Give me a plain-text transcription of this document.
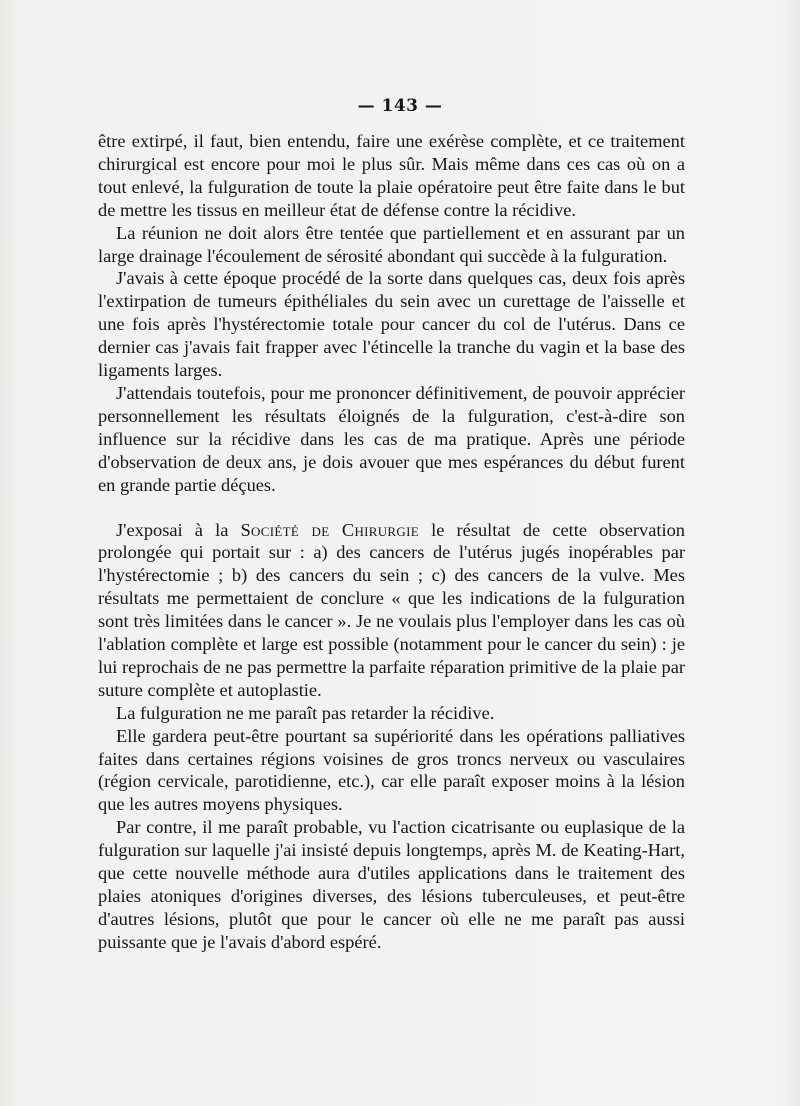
— 143 —

être extirpé, il faut, bien entendu, faire une exérèse complète, et ce traitement chirurgical est encore pour moi le plus sûr. Mais même dans ces cas où on a tout enlevé, la fulguration de toute la plaie opératoire peut être faite dans le but de mettre les tissus en meilleur état de défense contre la récidive.

La réunion ne doit alors être tentée que partiellement et en assurant par un large drainage l'écoulement de sérosité abondant qui succède à la fulguration.

J'avais à cette époque procédé de la sorte dans quelques cas, deux fois après l'extirpation de tumeurs épithéliales du sein avec un curettage de l'aisselle et une fois après l'hystérectomie totale pour cancer du col de l'utérus. Dans ce dernier cas j'avais fait frapper avec l'étincelle la tranche du vagin et la base des ligaments larges.

J'attendais toutefois, pour me prononcer définitivement, de pouvoir apprécier personnellement les résultats éloignés de la fulguration, c'est-à-dire son influence sur la récidive dans les cas de ma pratique. Après une période d'observation de deux ans, je dois avouer que mes espérances du début furent en grande partie déçues.

J'exposai à la Société de Chirurgie le résultat de cette observation prolongée qui portait sur : a) des cancers de l'utérus jugés inopérables par l'hystérectomie ; b) des cancers du sein ; c) des cancers de la vulve. Mes résultats me permettaient de conclure « que les indications de la fulguration sont très limitées dans le cancer ». Je ne voulais plus l'employer dans les cas où l'ablation complète et large est possible (notamment pour le cancer du sein) : je lui reprochais de ne pas permettre la parfaite réparation primitive de la plaie par suture complète et autoplastie.

La fulguration ne me paraît pas retarder la récidive.

Elle gardera peut-être pourtant sa supériorité dans les opérations palliatives faites dans certaines régions voisines de gros troncs nerveux ou vasculaires (région cervicale, parotidienne, etc.), car elle paraît exposer moins à la lésion que les autres moyens physiques.

Par contre, il me paraît probable, vu l'action cicatrisante ou euplasique de la fulguration sur laquelle j'ai insisté depuis longtemps, après M. de Keating-Hart, que cette nouvelle méthode aura d'utiles applications dans le traitement des plaies atoniques d'origines diverses, des lésions tuberculeuses, et peut-être d'autres lésions, plutôt que pour le cancer où elle ne me paraît pas aussi puissante que je l'avais d'abord espéré.
